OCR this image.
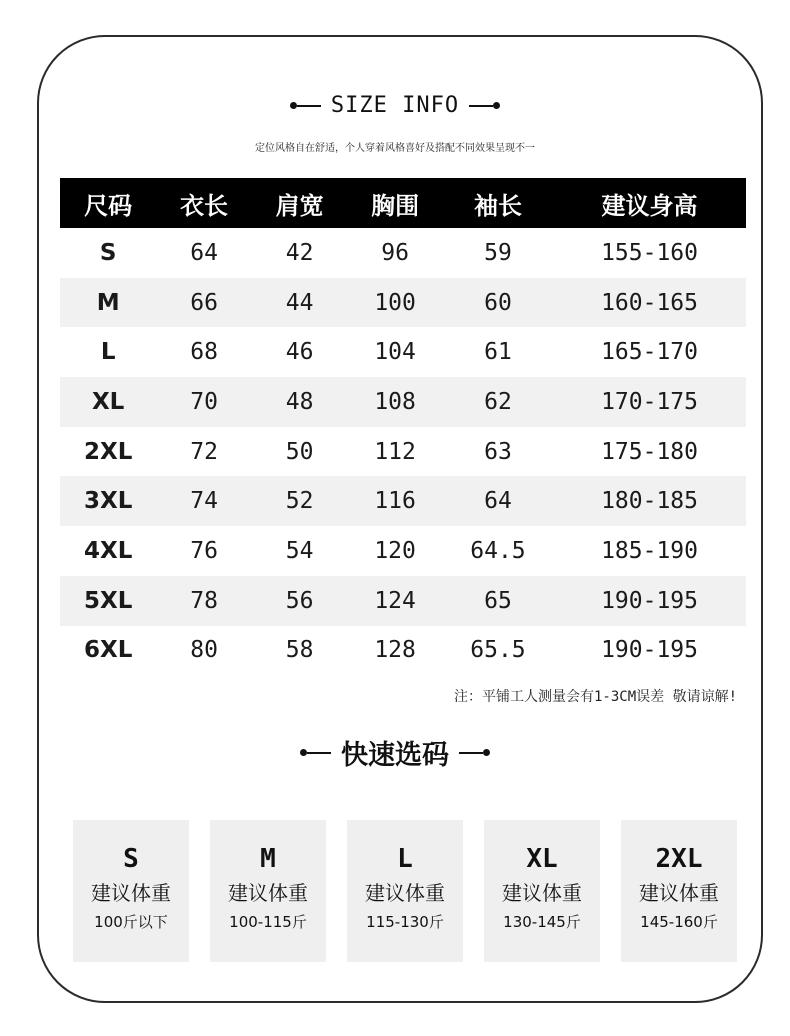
SIZE INFO
定位风格自在舒适，个人穿着风格喜好及搭配不同效果呈现不一
尺码	衣长	肩宽	胸围	袖长	建议身高
S	64	42	96	59	155-160
M	66	44	100	60	160-165
L	68	46	104	61	165-170
XL	70	48	108	62	170-175
2XL	72	50	112	63	175-180
3XL	74	52	116	64	180-185
4XL	76	54	120	64.5	185-190
5XL	78	56	124	65	190-195
6XL	80	58	128	65.5	190-195
注：平铺工人测量会有1-3CM误差 敬请谅解!
快速选码
S
建议体重
100斤以下
M
建议体重
100-115斤
L
建议体重
115-130斤
XL
建议体重
130-145斤
2XL
建议体重
145-160斤
